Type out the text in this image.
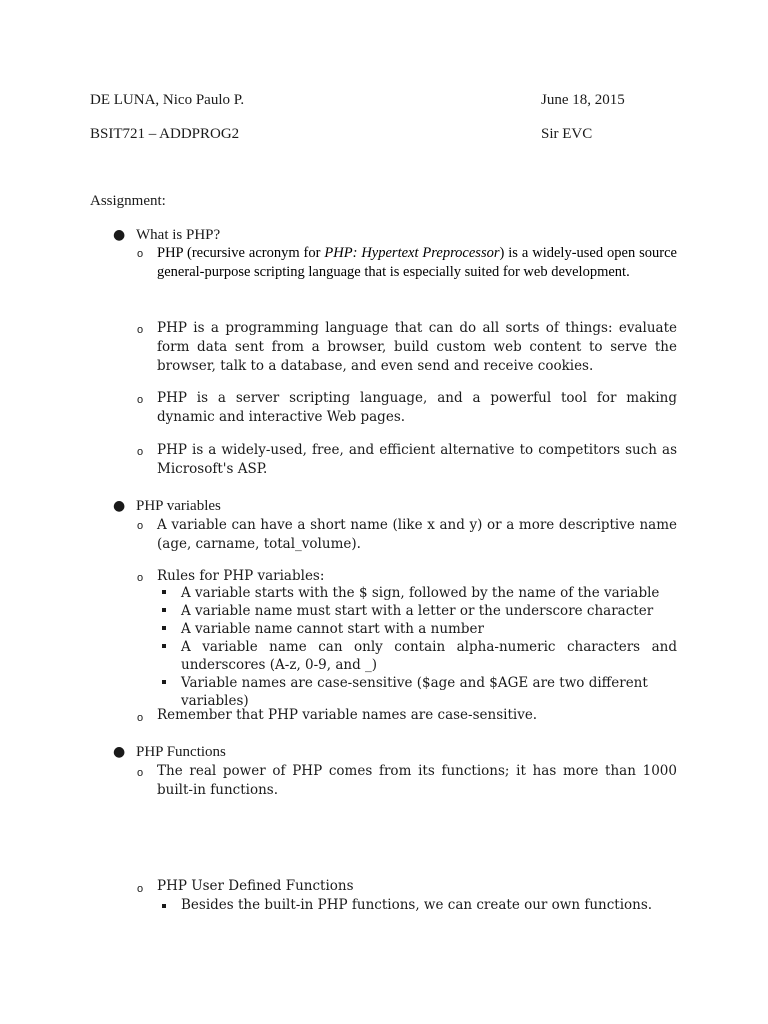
DE LUNA, Nico Paulo P.	June 18, 2015
BSIT721 – ADDPROG2	Sir EVC
Assignment:
● What is PHP?
o PHP (recursive acronym for PHP: Hypertext Preprocessor) is a widely-used open source general-purpose scripting language that is especially suited for web development.
o PHP is a programming language that can do all sorts of things: evaluate form data sent from a browser, build custom web content to serve the browser, talk to a database, and even send and receive cookies.
o PHP is a server scripting language, and a powerful tool for making dynamic and interactive Web pages.
o PHP is a widely-used, free, and efficient alternative to competitors such as Microsoft's ASP.
● PHP variables
o A variable can have a short name (like x and y) or a more descriptive name (age, carname, total_volume).
o Rules for PHP variables:
A variable starts with the $ sign, followed by the name of the variable
A variable name must start with a letter or the underscore character
A variable name cannot start with a number
A variable name can only contain alpha-numeric characters and underscores (A-z, 0-9, and _)
Variable names are case-sensitive ($age and $AGE are two different variables)
o Remember that PHP variable names are case-sensitive.
● PHP Functions
o The real power of PHP comes from its functions; it has more than 1000 built-in functions.
o PHP User Defined Functions
Besides the built-in PHP functions, we can create our own functions.
